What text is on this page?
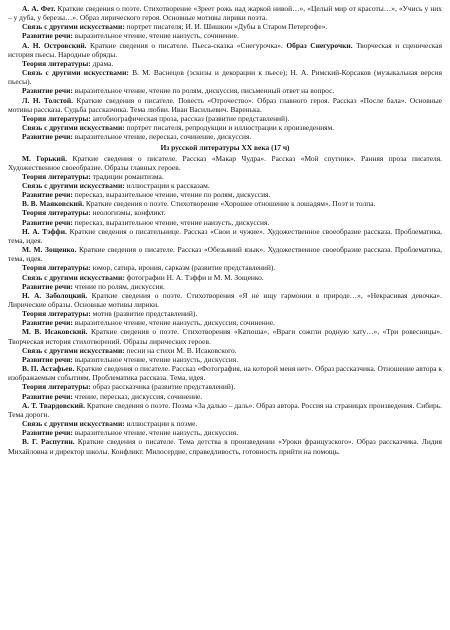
А. А. Фет. Краткие сведения о поэте. Стихотворение «Зреет рожь над жаркой нивой…», «Целый мир от красоты…», «Учись у них – у дуба, у березы…». Образ лирического героя. Основные мотивы лирики поэта.

Связь с другими искусствами: портрет писателя; И. И. Шишкин «Дубы в Старом Петергофе».

Развитие речи: выразительное чтение, чтение наизусть, сочинение.

А. Н. Островский. Краткие сведения о писателе. Пьеса-сказка «Снегурочка». Образ Снегурочки. Творческая и сценическая история пьесы. Народные обряды.

Теория литературы: драма.

Связь с другими искусствами: В. М. Васнецов (эскизы и декорации к пьесе); Н. А. Римский-Корсаков (музыкальная версия пьесы).

Развитие речи: выразительное чтение, чтение по ролям, дискуссия, письменный ответ на вопрос.

Л. Н. Толстой. Краткие сведения о писателе. Повесть «Отрочество». Образ главного героя. Рассказ «После бала». Основные мотивы рассказа. Судьба рассказчика. Тема любви. Иван Васильевич. Варенька.

Теория литературы: автобиографическая проза, рассказ (развитие представлений).

Связь с другими искусствами: портрет писателя, репродукции и иллюстрации к произведениям.

Развитие речи: выразительное чтение, пересказ, сочинение, дискуссия.

Из русской литературы XX века (17 ч)

М. Горький. Краткие сведения о писателе. Рассказ «Макар Чудра». Рассказ «Мой спутник». Ранняя проза писателя. Художественное своеобразие. Образы главных героев.

Теория литературы: традиции романтизма.

Связь с другими искусствами: иллюстрации к рассказам.

Развитие речи: пересказ, выразительное чтение, чтение по ролям, дискуссия.

В. В. Маяковский. Краткие сведения о поэте. Стихотворение «Хорошее отношение к лошадям». Поэт и толпа.

Теория литературы: неологизмы, конфликт.

Развитие речи: пересказ, выразительное чтение, чтение наизусть, дискуссия.

Н. А. Тэффи. Краткие сведения о писательнице. Рассказ «Свои и чужие». Художественное своеобразие рассказа. Проблематика, тема, идея.

М. М. Зощенко. Краткие сведения о писателе. Рассказ «Обезьяний язык». Художественное своеобразие рассказа. Проблематика, тема, идея.

Теория литературы: юмор, сатира, ирония, сарказм (развитие представлений).

Связь с другими искусствами: фотографии Н. А. Тэффи и М. М. Зощенко.

Развитие речи: чтение по ролям, дискуссия.

Н. А. Заболоцкий. Краткие сведения о поэте. Стихотворения «Я не ищу гармонии в природе…», «Некрасивая девочка». Лирические образы. Основные мотивы лирики.

Теория литературы: мотив (развитие представлений).

Развитие речи: выразительное чтение, чтение наизусть, дискуссия, сочинение.

М. В. Исаковский. Краткие сведения о поэте. Стихотворения «Катюша», «Враги сожгли родную хату…», «Три ровесницы». Творческая история стихотворений. Образы лирических героев.

Связь с другими искусствами: песни на стихи М. В. Исаковского.

Развитие речи: выразительное чтение, чтение наизусть, дискуссия.

В. П. Астафьев. Краткие сведения о писателе. Рассказ «Фотография, на которой меня нет». Образ рассказчика. Отношение автора к изображаемым событиям. Проблематика рассказа. Тема, идея.

Теория литературы: образ рассказчика (развитие представлений).

Развитие речи: чтение, пересказ, дискуссия, сочинение.

А. Т. Твардовский. Краткие сведения о поэте. Поэма «За далью – даль». Образ автора. Россия на страницах произведения. Сибирь. Тема дороги.

Связь с другими искусствами: иллюстрации к поэме.

Развитие речи: выразительное чтение, чтение наизусть, дискуссия.

В. Г. Распутин. Краткие сведения о писателе. Тема детства в произведении «Уроки французского». Образ рассказчика. Лидия Михайловна и директор школы. Конфликт. Милосердие, справедливость, готовность прийти на помощь.
